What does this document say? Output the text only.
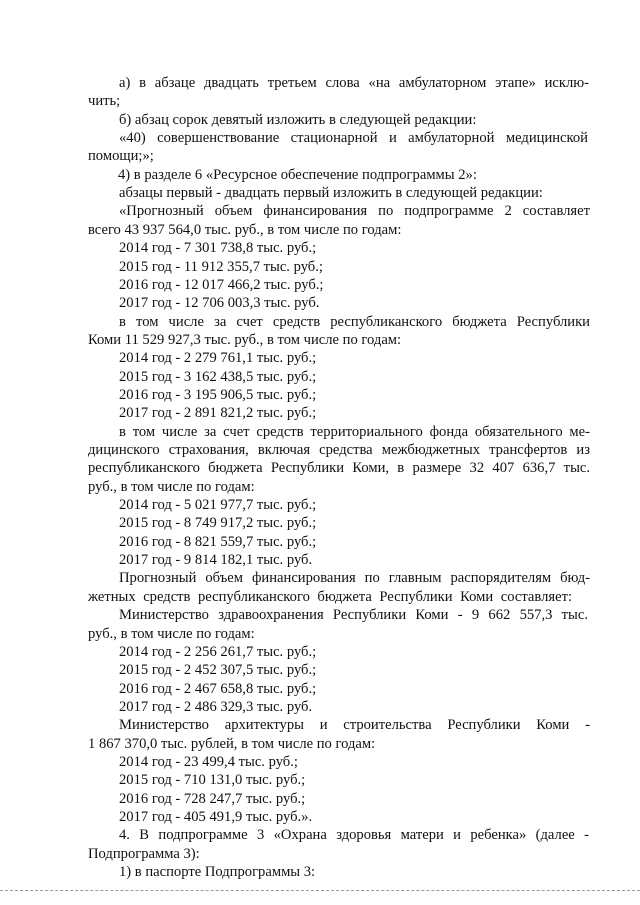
а) в абзаце двадцать третьем слова «на амбулаторном этапе» исклю-
чить;
б) абзац сорок девятый изложить в следующей редакции:
«40) совершенствование стационарной и амбулаторной медицинской
помощи;»;
4) в разделе 6 «Ресурсное обеспечение подпрограммы 2»:
абзацы первый - двадцать первый изложить в следующей редакции:
«Прогнозный объем финансирования по подпрограмме 2 составляет
всего 43 937 564,0 тыс. руб., в том числе по годам:
2014 год - 7 301 738,8 тыс. руб.;
2015 год - 11 912 355,7 тыс. руб.;
2016 год - 12 017 466,2 тыс. руб.;
2017 год - 12 706 003,3 тыс. руб.
в том числе за счет средств республиканского бюджета Республики
Коми 11 529 927,3 тыс. руб., в том числе по годам:
2014 год - 2 279 761,1 тыс. руб.;
2015 год - 3 162 438,5 тыс. руб.;
2016 год - 3 195 906,5 тыс. руб.;
2017 год - 2 891 821,2 тыс. руб.;
в том числе за счет средств территориального фонда обязательного ме-
дицинского страхования, включая средства межбюджетных трансфертов из
республиканского бюджета Республики Коми, в размере 32 407 636,7 тыс.
руб., в том числе по годам:
2014 год - 5 021 977,7 тыс. руб.;
2015 год - 8 749 917,2 тыс. руб.;
2016 год - 8 821 559,7 тыс. руб.;
2017 год - 9 814 182,1 тыс. руб.
Прогнозный объем финансирования по главным распорядителям бюд-
жетных средств республиканского бюджета Республики Коми составляет:
Министерство здравоохранения Республики Коми - 9 662 557,3 тыс.
руб., в том числе по годам:
2014 год - 2 256 261,7 тыс. руб.;
2015 год - 2 452 307,5 тыс. руб.;
2016 год - 2 467 658,8 тыс. руб.;
2017 год - 2 486 329,3 тыс. руб.
Министерство архитектуры и строительства Республики Коми -
1 867 370,0 тыс. рублей, в том числе по годам:
2014 год - 23 499,4 тыс. руб.;
2015 год - 710 131,0 тыс. руб.;
2016 год - 728 247,7 тыс. руб.;
2017 год - 405 491,9 тыс. руб.».
4. В подпрограмме 3 «Охрана здоровья матери и ребенка» (далее -
Подпрограмма 3):
1) в паспорте Подпрограммы 3:
